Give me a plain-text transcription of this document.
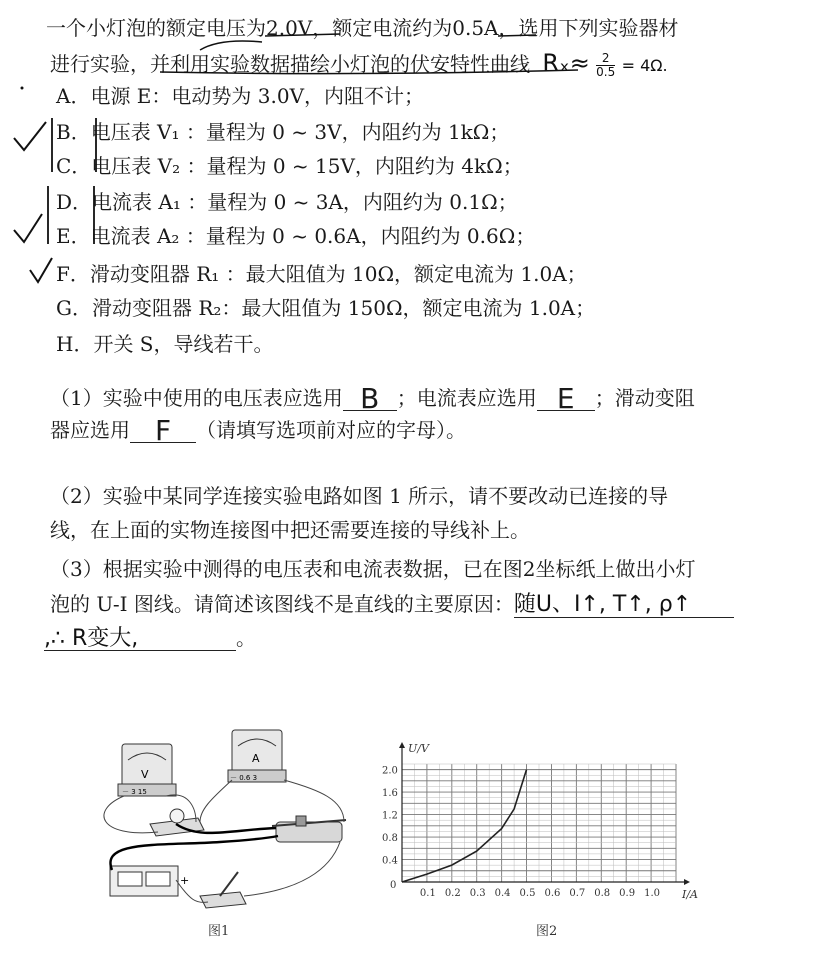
一个小灯泡的额定电压为2.0V，额定电流约为0.5A，选用下列实验器材
进行实验，并利用实验数据描绘小灯泡的伏安特性曲线 $R_x\approx \frac{2}{0.5} = 4\Omega$.
A．电源 E：电动势为 3.0V，内阻不计；
B．电压表 V₁ ：量程为 0 ~ 3V，内阻约为 1kΩ；
C．电压表 V₂ ：量程为 0 ~ 15V，内阻约为 4kΩ；
D．电流表 A₁ ：量程为 0 ~ 3A，内阻约为 0.1Ω；
E．电流表 A₂ ：量程为 0 ~ 0.6A，内阻约为 0.6Ω；
F．滑动变阻器 R₁ ：最大阻值为 10Ω，额定电流为 1.0A；
G．滑动变阻器 R₂：最大阻值为 150Ω，额定电流为 1.0A；
H．开关 S，导线若干。
（1）实验中使用的电压表应选用 B ；电流表应选用 E ；滑动变阻
器应选用 F （请填写选项前对应的字母）。
（2）实验中某同学连接实验电路如图 1 所示，请不要改动已连接的导
线，在上面的实物连接图中把还需要连接的导线补上。
（3）根据实验中测得的电压表和电流表数据，已在图2坐标纸上做出小灯
泡的 U-I 图线。请简述该图线不是直线的主要原因：随U、I↑, T↑, ρ↑
,∴ R变大,	。
V
－ 3 15
A
－ 0.6 3
+
图1
0.1 0.2 0.3 0.4 0.5 0.6 0.7 0.8 0.9 1.0
0.4
0.8
1.2
1.6
2.0
0
I/A
U/V
图2
